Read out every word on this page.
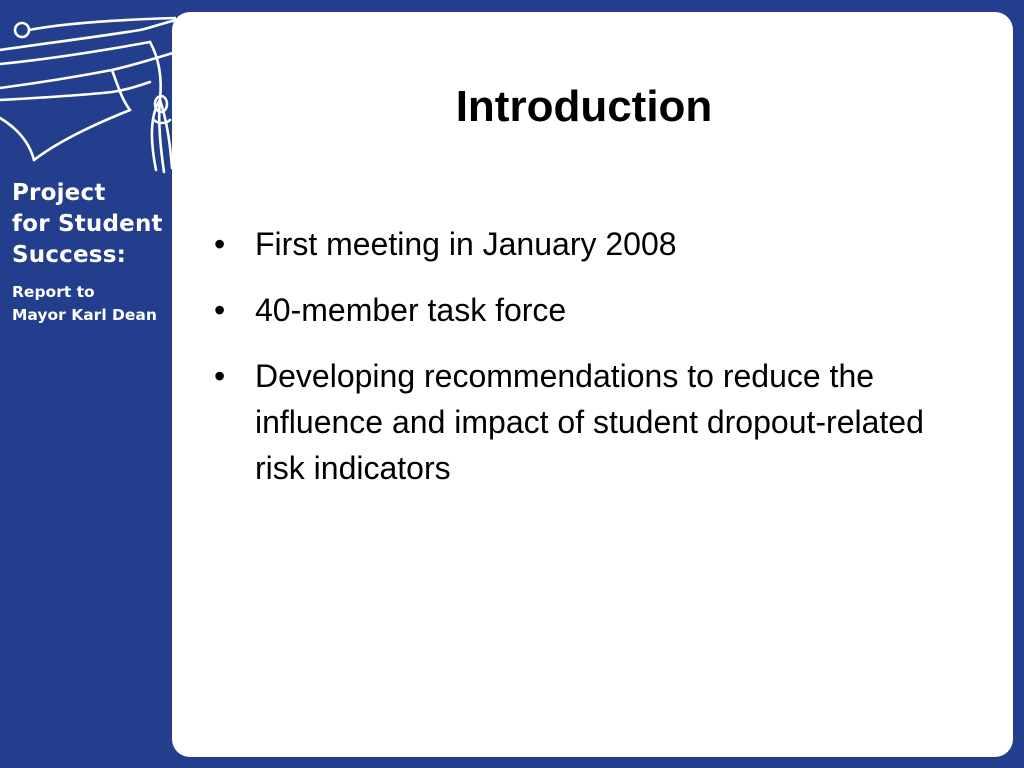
Project
for Student
Success:
Report to
Mayor Karl Dean
Introduction
• First meeting in January 2008
• 40-member task force
• Developing recommendations to reduce the influence and impact of student dropout-related risk indicators
